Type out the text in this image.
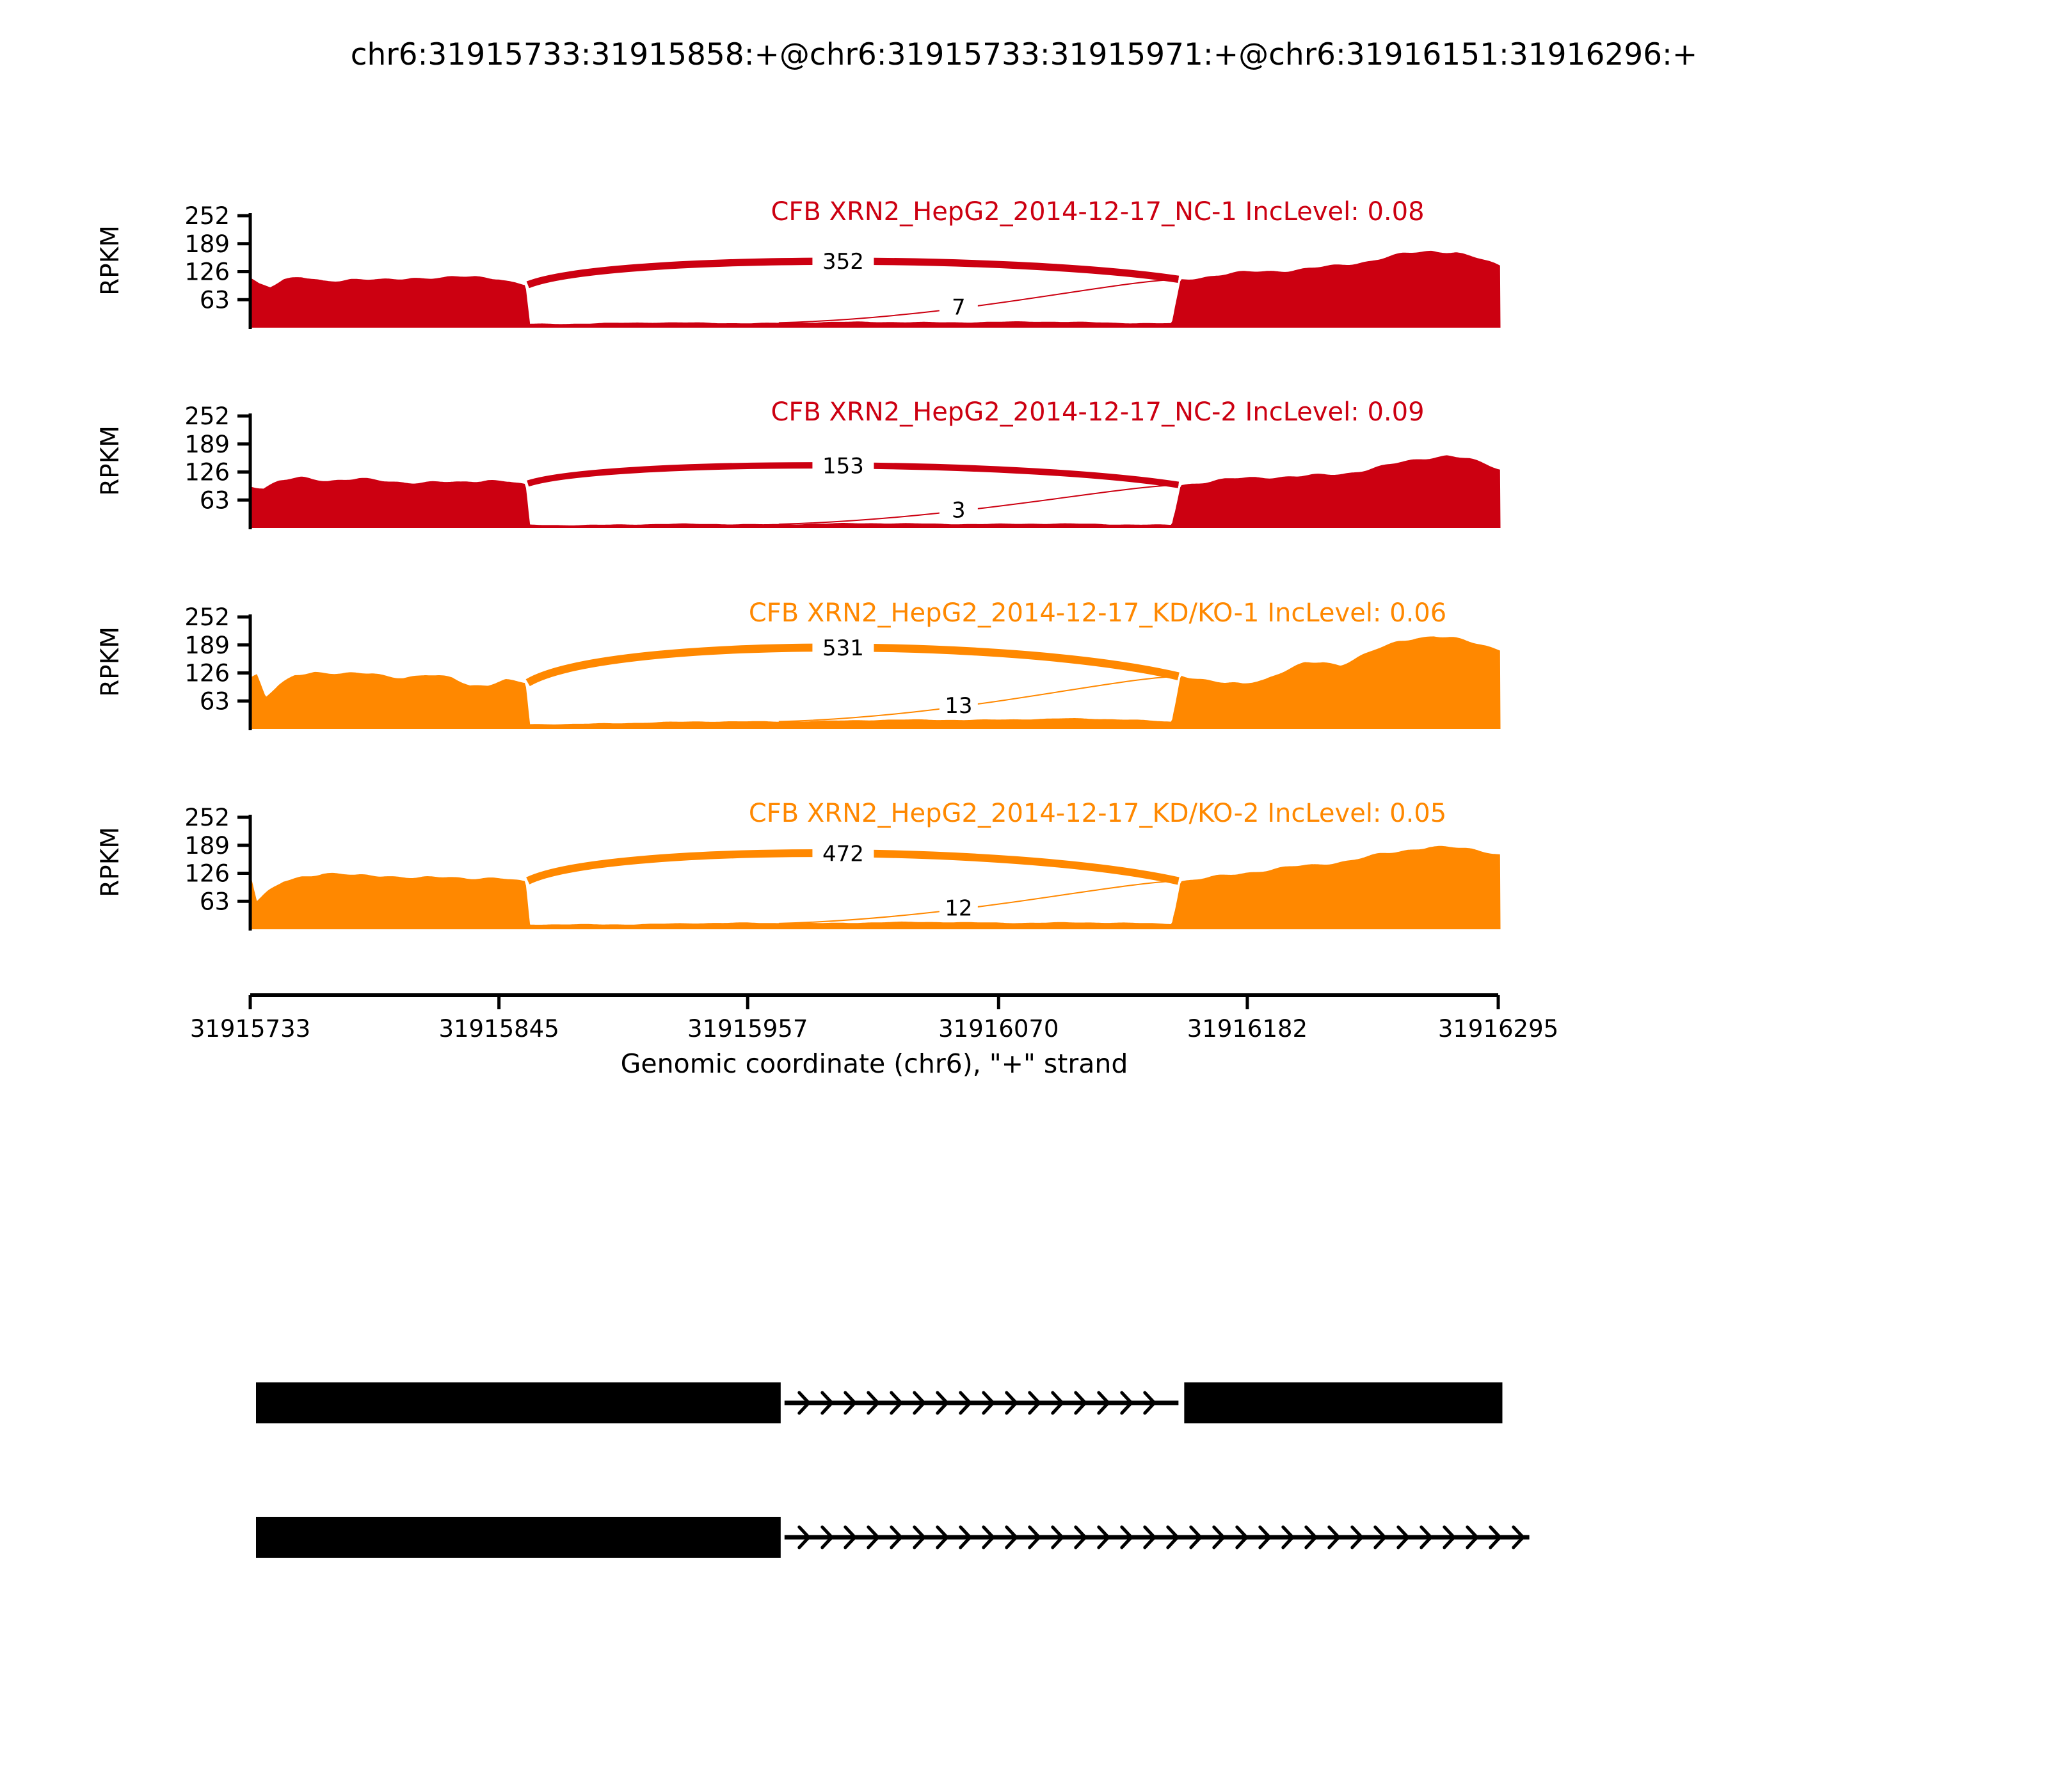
chr6:31915733:31915858:+@chr6:31915733:31915971:+@chr6:31916151:31916296:+
352
7
63
126
189
252
RPKM
CFB XRN2_HepG2_2014-12-17_NC-1 IncLevel: 0.08
153
3
63
126
189
252
RPKM
CFB XRN2_HepG2_2014-12-17_NC-2 IncLevel: 0.09
531
13
63
126
189
252
RPKM
CFB XRN2_HepG2_2014-12-17_KD/KO-1 IncLevel: 0.06
472
12
63
126
189
252
RPKM
CFB XRN2_HepG2_2014-12-17_KD/KO-2 IncLevel: 0.05
31915733	31915845	31915957	31916070	31916182	31916295
Genomic coordinate (chr6), "+" strand
